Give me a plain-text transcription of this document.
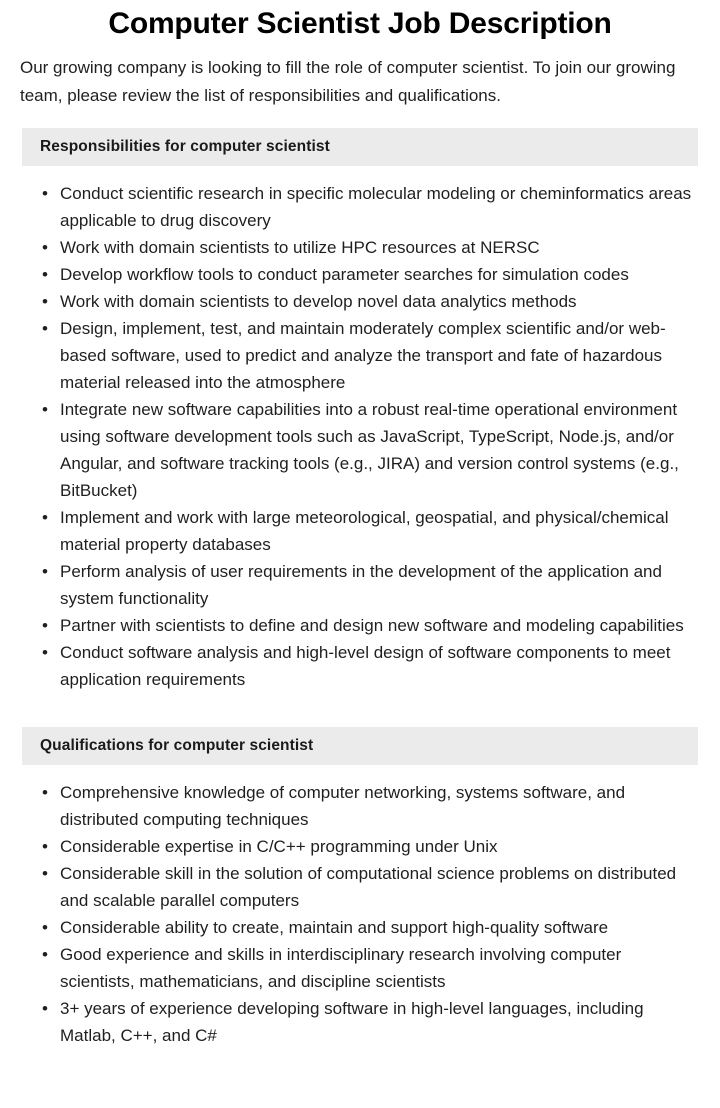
Computer Scientist Job Description

Our growing company is looking to fill the role of computer scientist. To join our growing team, please review the list of responsibilities and qualifications.

Responsibilities for computer scientist
• Conduct scientific research in specific molecular modeling or cheminformatics areas applicable to drug discovery
• Work with domain scientists to utilize HPC resources at NERSC
• Develop workflow tools to conduct parameter searches for simulation codes
• Work with domain scientists to develop novel data analytics methods
• Design, implement, test, and maintain moderately complex scientific and/or web-based software, used to predict and analyze the transport and fate of hazardous material released into the atmosphere
• Integrate new software capabilities into a robust real-time operational environment using software development tools such as JavaScript, TypeScript, Node.js, and/or Angular, and software tracking tools (e.g., JIRA) and version control systems (e.g., BitBucket)
• Implement and work with large meteorological, geospatial, and physical/chemical material property databases
• Perform analysis of user requirements in the development of the application and system functionality
• Partner with scientists to define and design new software and modeling capabilities
• Conduct software analysis and high-level design of software components to meet application requirements
Qualifications for computer scientist
• Comprehensive knowledge of computer networking, systems software, and distributed computing techniques
• Considerable expertise in C/C++ programming under Unix
• Considerable skill in the solution of computational science problems on distributed and scalable parallel computers
• Considerable ability to create, maintain and support high-quality software
• Good experience and skills in interdisciplinary research involving computer scientists, mathematicians, and discipline scientists
• 3+ years of experience developing software in high-level languages, including Matlab, C++, and C#
